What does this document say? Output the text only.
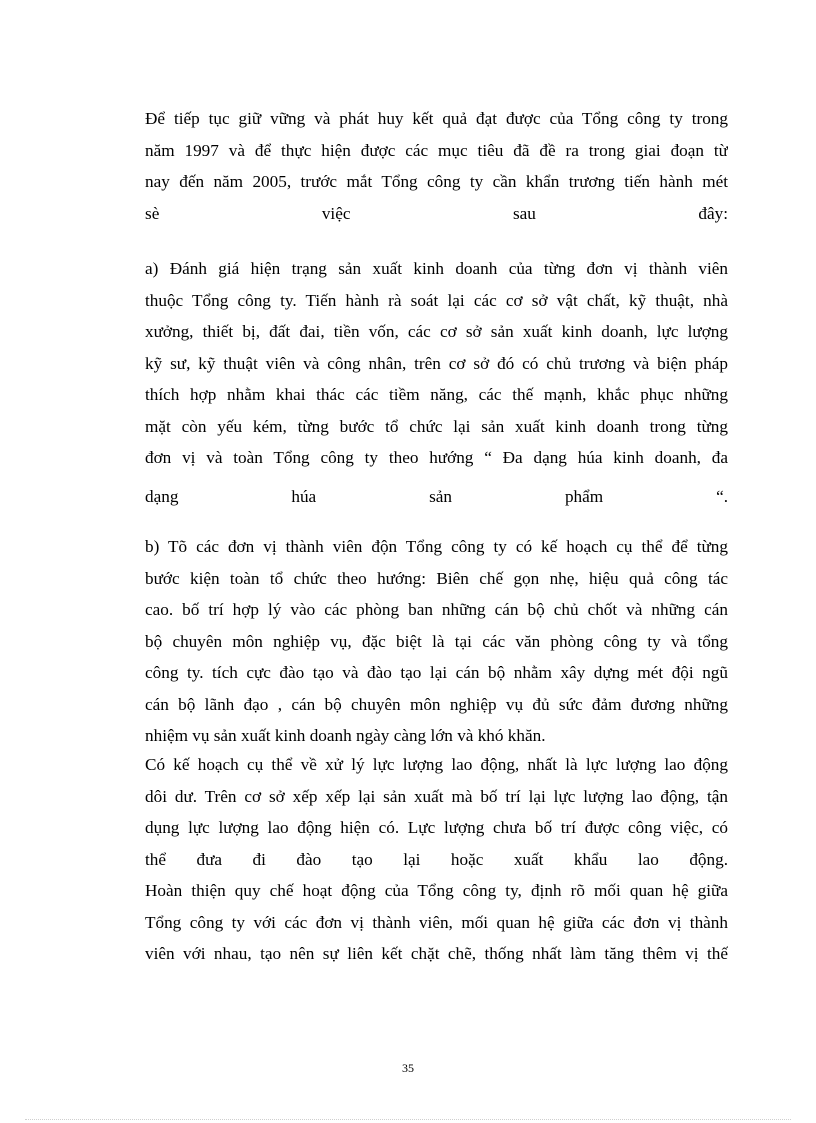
Để tiếp tục giữ vững và phát huy kết quả đạt được của Tổng công ty trong
năm 1997 và để thực hiện được các mục tiêu đã đề ra trong giai đoạn từ
nay đến năm 2005, trước mắt Tổng công ty cần khẩn trương tiến hành mét
sè việc sau đây:
a) Đánh giá hiện trạng sản xuất kinh doanh của từng đơn vị thành viên
thuộc Tổng công ty. Tiến hành rà soát lại các cơ sở vật chất, kỹ thuật, nhà
xưởng, thiết bị, đất đai, tiền vốn, các cơ sở sản xuất kinh doanh, lực lượng
kỹ sư, kỹ thuật viên và công nhân, trên cơ sở đó có chủ trương và biện pháp
thích hợp nhằm khai thác các tiềm năng, các thế mạnh, khắc phục những
mặt còn yếu kém, từng bước tổ chức lại sản xuất kinh doanh trong từng
đơn vị và toàn Tổng công ty theo hướng “ Đa dạng húa kinh doanh, đa
dạng húa sản phẩm “.
b) Tõ các đơn vị thành viên độn Tổng công ty có kế hoạch cụ thể để từng
bước kiện toàn tổ chức theo hướng: Biên chế gọn nhẹ, hiệu quả công tác
cao. bố trí hợp lý vào các phòng ban những cán bộ chủ chốt và những cán
bộ chuyên môn nghiệp vụ, đặc biệt là tại các văn phòng công ty và tổng
công ty. tích cực đào tạo và đào tạo lại cán bộ nhằm xây dựng mét đội ngũ
cán bộ lãnh đạo , cán bộ chuyên môn nghiệp vụ đủ sức đảm đương những
nhiệm vụ sản xuất kinh doanh ngày càng lớn và khó khăn.
Có kế hoạch cụ thể về xử lý lực lượng lao động, nhất là lực lượng lao động
dôi dư. Trên cơ sở xếp xếp lại sản xuất mà bố trí lại lực lượng lao động, tận
dụng lực lượng lao động hiện có. Lực lượng chưa bố trí được công việc, có
thể đưa đi đào tạo lại hoặc xuất khẩu lao động.
Hoàn thiện quy chế hoạt động của Tổng công ty, định rõ mối quan hệ giữa
Tổng công ty với các đơn vị thành viên, mối quan hệ giữa các đơn vị thành
viên với nhau, tạo nên sự liên kết chặt chẽ, thống nhất làm tăng thêm vị thế
35
